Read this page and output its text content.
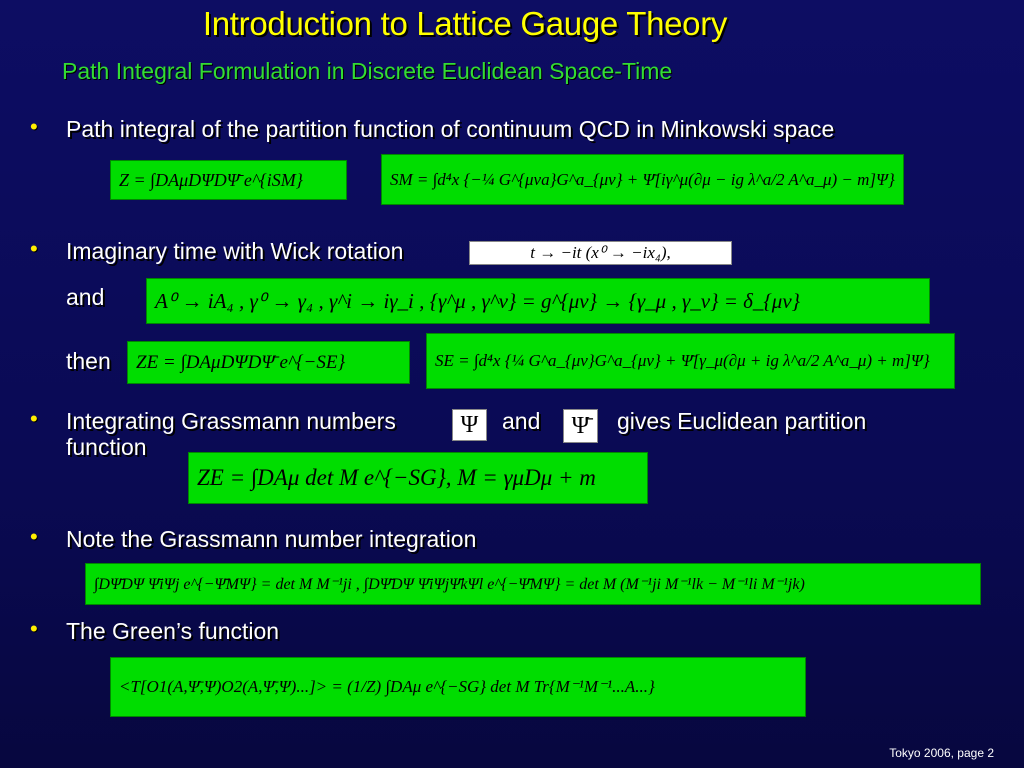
Introduction to Lattice Gauge Theory
Path Integral Formulation in Discrete Euclidean Space-Time
• Path integral of the partition function of continuum QCD in Minkowski space
Z = ∫DAμDΨDΨ̄ e^{iSM}	SM = ∫d⁴x {−¼ G^{μνa}G^a_{μν} + Ψ̄[iγ^μ(∂μ − ig λ^a/2 A^a_μ) − m]Ψ}
• Imaginary time with Wick rotation	t → −it (x⁰ → −ix₄),
and	A⁰ → iA₄ , γ⁰ → γ₄ , γ^i → iγ_i , {γ^μ , γ^ν} = g^{μν} → {γ_μ , γ_ν} = δ_{μν}
then	ZE = ∫DAμDΨDΨ̄ e^{−SE}	SE = ∫d⁴x {¼ G^a_{μν}G^a_{μν} + Ψ̄[γ_μ(∂μ + ig λ^a/2 A^a_μ) + m]Ψ}
• Integrating Grassmann numbers	Ψ	and	Ψ̄	gives Euclidean partition
function
ZE = ∫DAμ det M e^{−SG}, M = γμDμ + m
• Note the Grassmann number integration
∫DΨ̄DΨ Ψ̄iΨj e^{−Ψ̄MΨ} = det M M⁻¹ji , ∫DΨ̄DΨ Ψ̄iΨjΨ̄kΨl e^{−Ψ̄MΨ} = det M (M⁻¹ji M⁻¹lk − M⁻¹li M⁻¹jk)
• The Green’s function
<T[O1(A,Ψ̄,Ψ)O2(A,Ψ̄,Ψ)...]> = (1/Z) ∫DAμ e^{−SG} det M Tr{M⁻¹M⁻¹...A...}
Tokyo 2006, page 2
